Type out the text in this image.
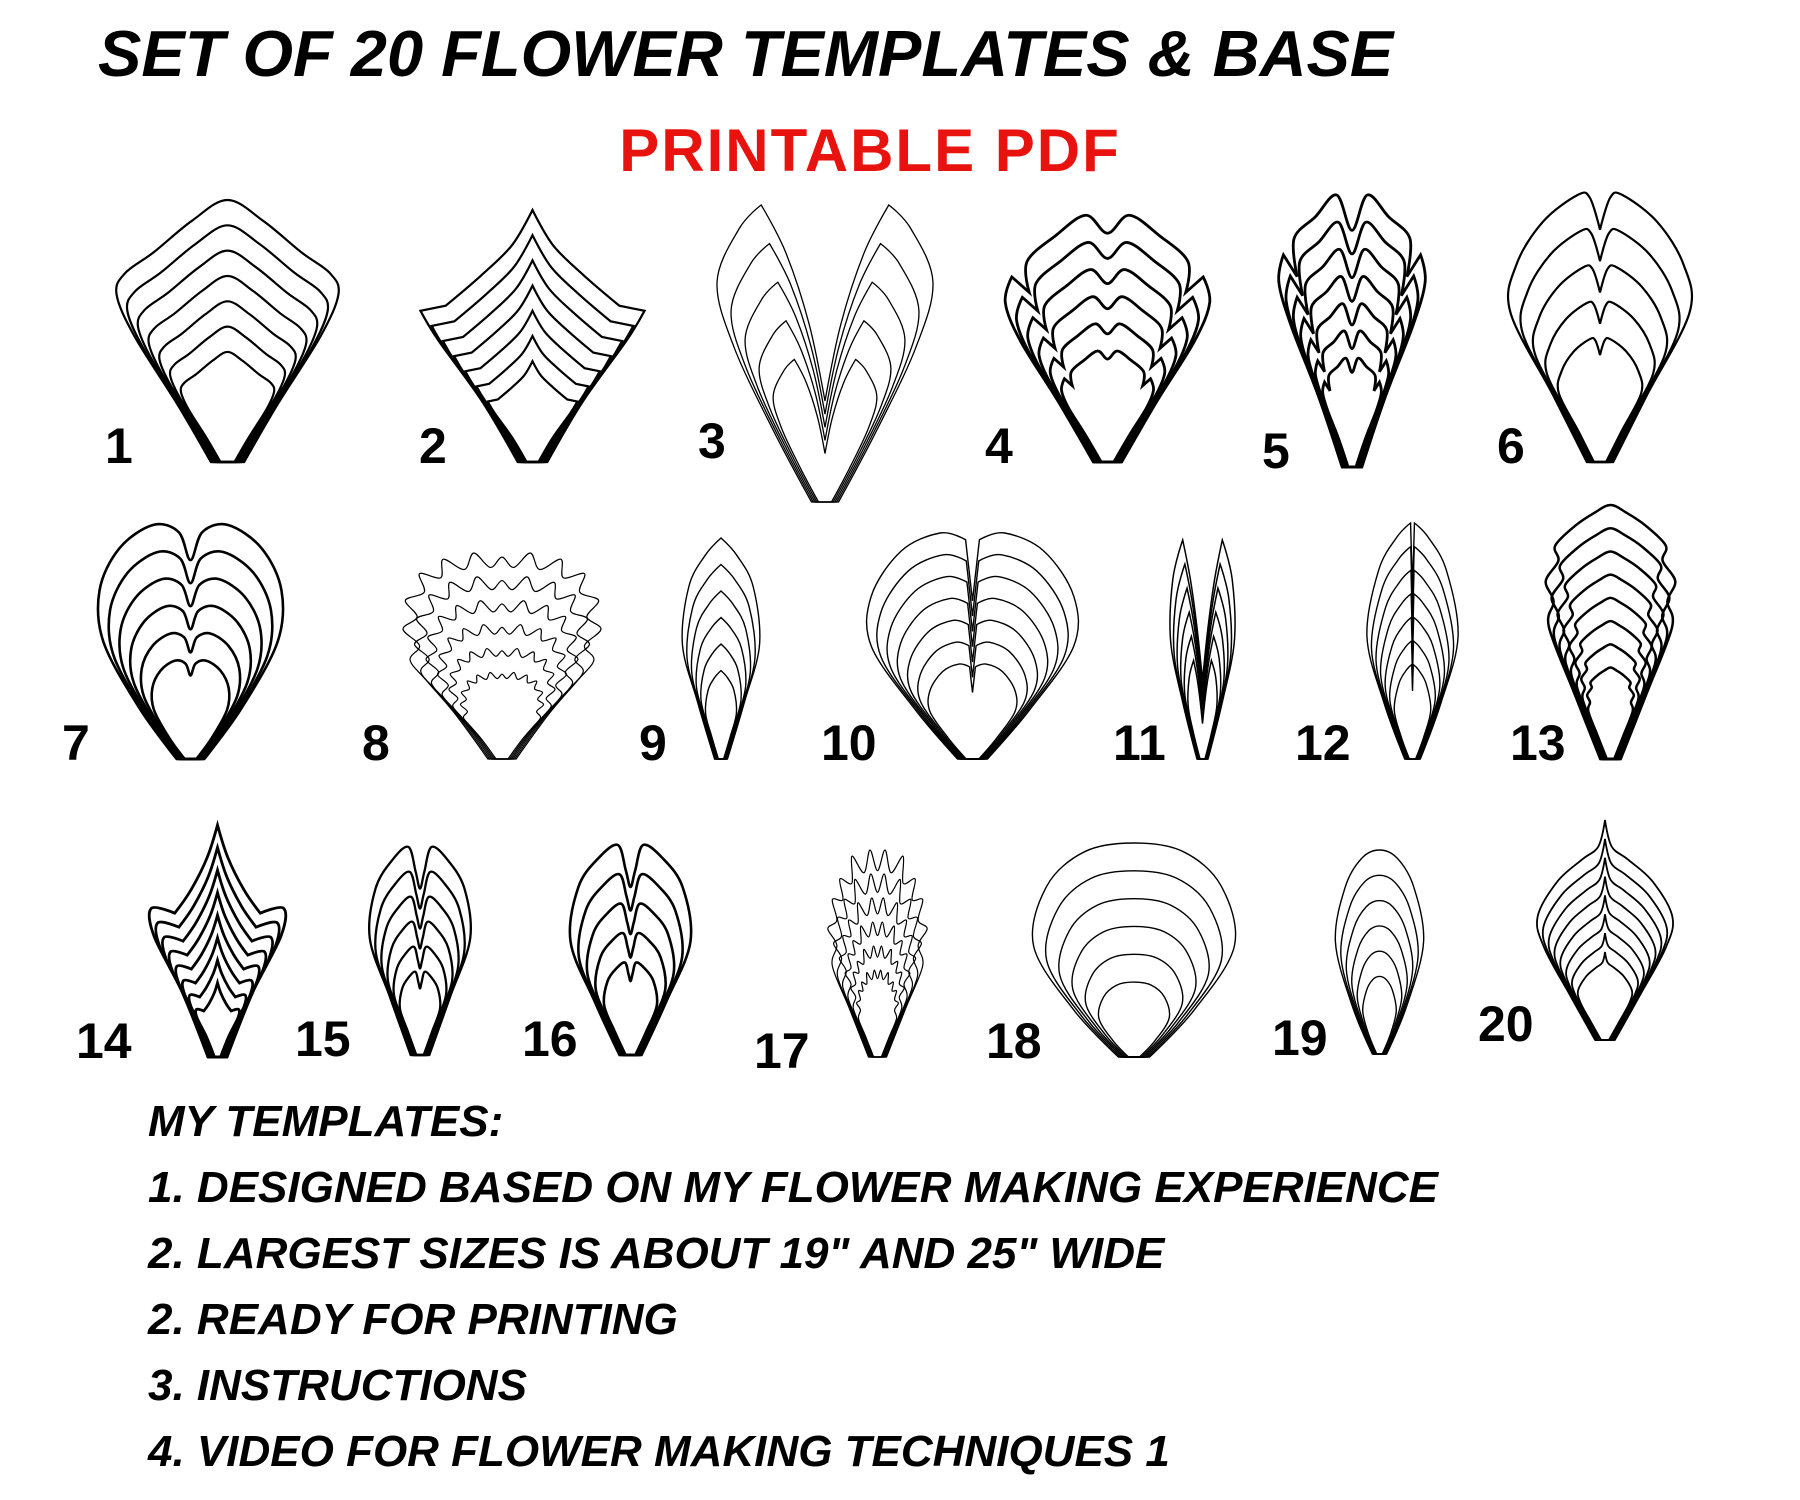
SET OF 20 FLOWER TEMPLATES & BASE
PRINTABLE PDF
1	2	3	4	5	6
7	8	9	10	11	12	13
14	15	16	17	18	19	20

MY TEMPLATES:

1. DESIGNED BASED ON MY FLOWER MAKING EXPERIENCE

2. LARGEST SIZES IS ABOUT 19" AND 25" WIDE

2. READY FOR PRINTING

3. INSTRUCTIONS

4. VIDEO FOR FLOWER MAKING TECHNIQUES 1
